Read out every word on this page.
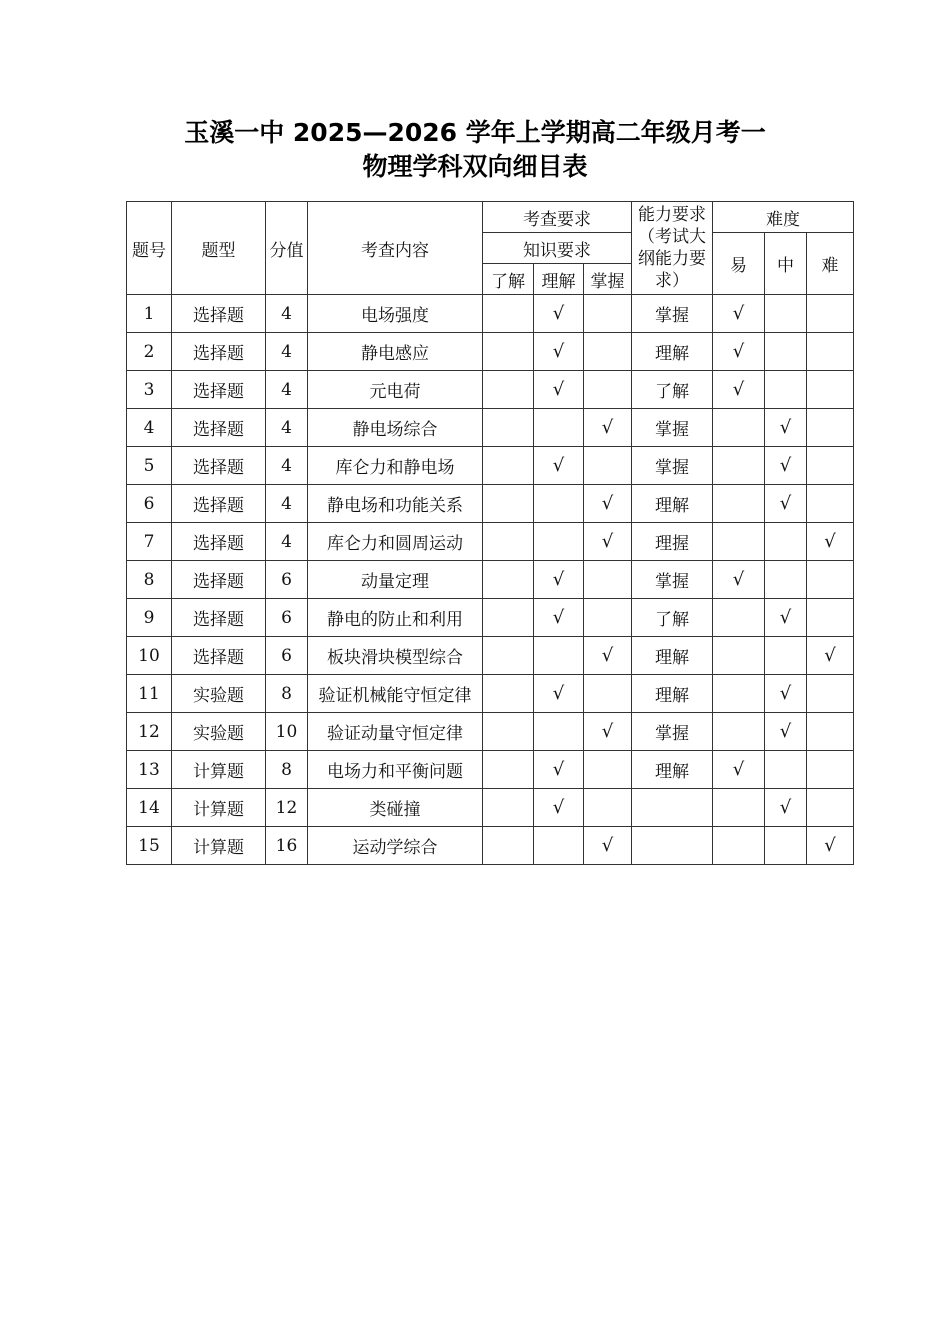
玉溪一中 2025—2026 学年上学期高二年级月考一
物理学科双向细目表
题号	题型	分值	考查内容	考查要求			能力要求（考试大纲能力要求）	难度		
				知识要求				易	中	难
				了解	理解	掌握				
1	选择题	4	电场强度		√		掌握	√		
2	选择题	4	静电感应		√		理解	√		
3	选择题	4	元电荷		√		了解	√		
4	选择题	4	静电场综合			√	掌握		√	
5	选择题	4	库仑力和静电场		√		掌握		√	
6	选择题	4	静电场和功能关系			√	理解		√	
7	选择题	4	库仑力和圆周运动			√	理握			√
8	选择题	6	动量定理		√		掌握	√		
9	选择题	6	静电的防止和利用		√		了解		√	
10	选择题	6	板块滑块模型综合			√	理解			√
11	实验题	8	验证机械能守恒定律		√		理解		√	
12	实验题	10	验证动量守恒定律			√	掌握		√	
13	计算题	8	电场力和平衡问题		√		理解	√		
14	计算题	12	类碰撞		√				√	
15	计算题	16	运动学综合			√				√
